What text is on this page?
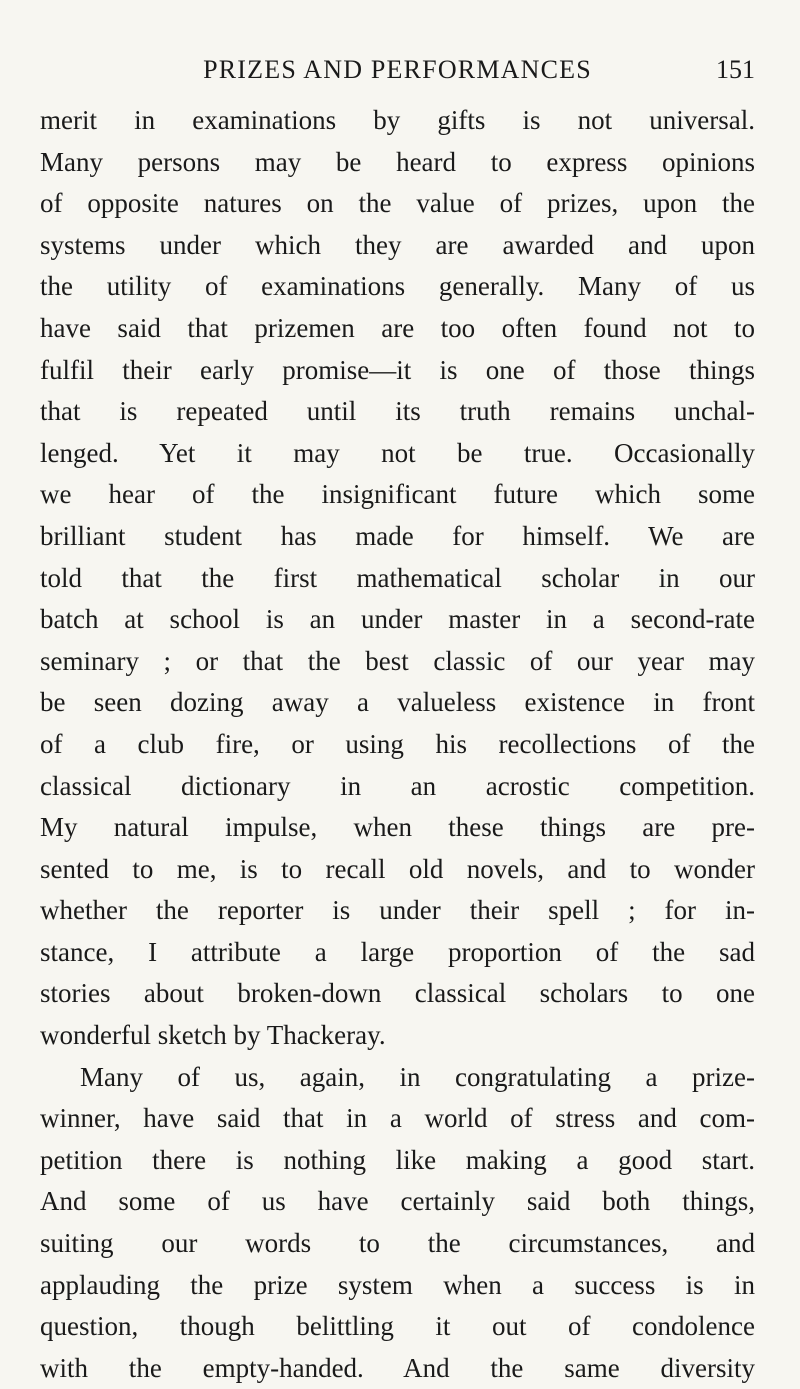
PRIZES AND PERFORMANCES	151
merit in examinations by gifts is not universal.
Many persons may be heard to express opinions
of opposite natures on the value of prizes, upon the
systems under which they are awarded and upon
the utility of examinations generally. Many of us
have said that prizemen are too often found not to
fulfil their early promise—it is one of those things
that is repeated until its truth remains unchal-
lenged. Yet it may not be true. Occasionally
we hear of the insignificant future which some
brilliant student has made for himself. We are
told that the first mathematical scholar in our
batch at school is an under master in a second-rate
seminary ; or that the best classic of our year may
be seen dozing away a valueless existence in front
of a club fire, or using his recollections of the
classical dictionary in an acrostic competition.
My natural impulse, when these things are pre-
sented to me, is to recall old novels, and to wonder
whether the reporter is under their spell ; for in-
stance, I attribute a large proportion of the sad
stories about broken-down classical scholars to one
wonderful sketch by Thackeray.
Many of us, again, in congratulating a prize-
winner, have said that in a world of stress and com-
petition there is nothing like making a good start.
And some of us have certainly said both things,
suiting our words to the circumstances, and
applauding the prize system when a success is in
question, though belittling it out of condolence
with the empty-handed. And the same diversity
